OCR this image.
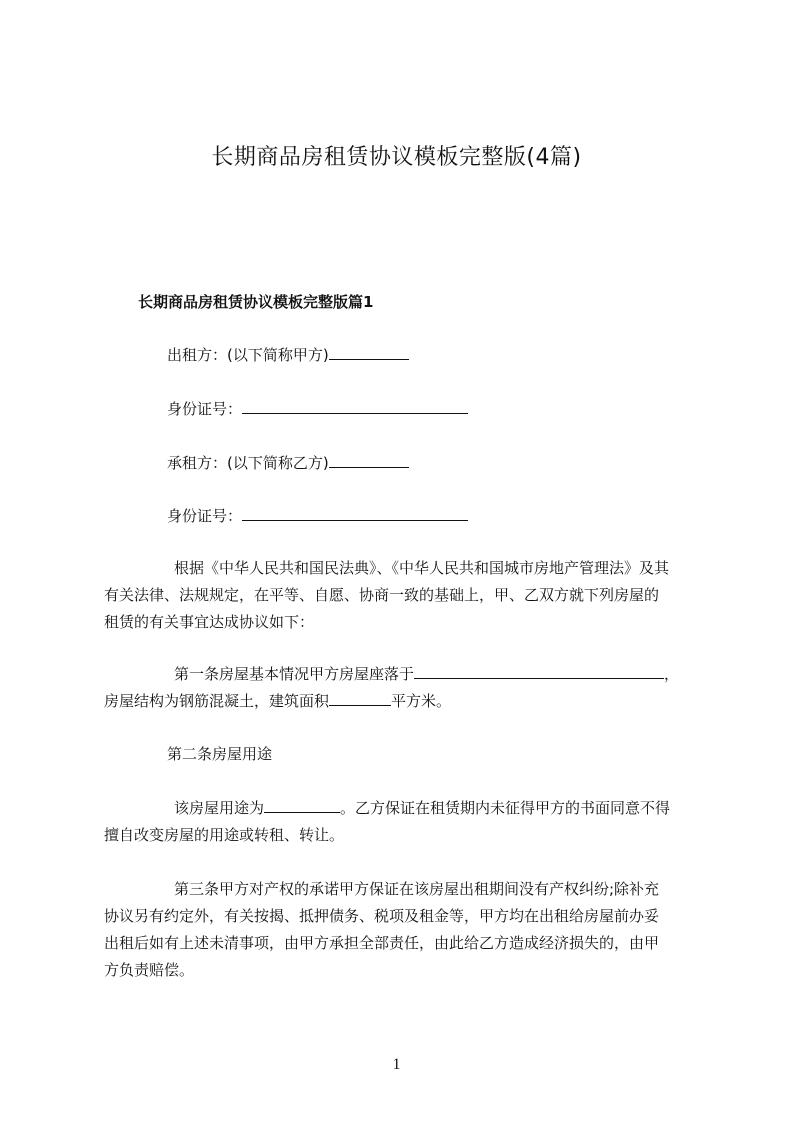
长期商品房租赁协议模板完整版(4篇)
长期商品房租赁协议模板完整版篇1
出租方：(以下简称甲方)
身份证号：
承租方：(以下简称乙方)
身份证号：
根据《中华人民共和国民法典》、《中华人民共和国城市房地产管理法》及其
有关法律、法规规定，在平等、自愿、协商一致的基础上，甲、乙双方就下列房屋的
租赁的有关事宜达成协议如下：
第一条房屋基本情况甲方房屋座落于	，
房屋结构为钢筋混凝土，建筑面积	平方米。
第二条房屋用途
该房屋用途为	。乙方保证在租赁期内未征得甲方的书面同意不得
擅自改变房屋的用途或转租、转让。
第三条甲方对产权的承诺甲方保证在该房屋出租期间没有产权纠纷;除补充
协议另有约定外，有关按揭、抵押债务、税项及租金等，甲方均在出租给房屋前办妥
出租后如有上述未清事项，由甲方承担全部责任，由此给乙方造成经济损失的，由甲
方负责赔偿。
1
